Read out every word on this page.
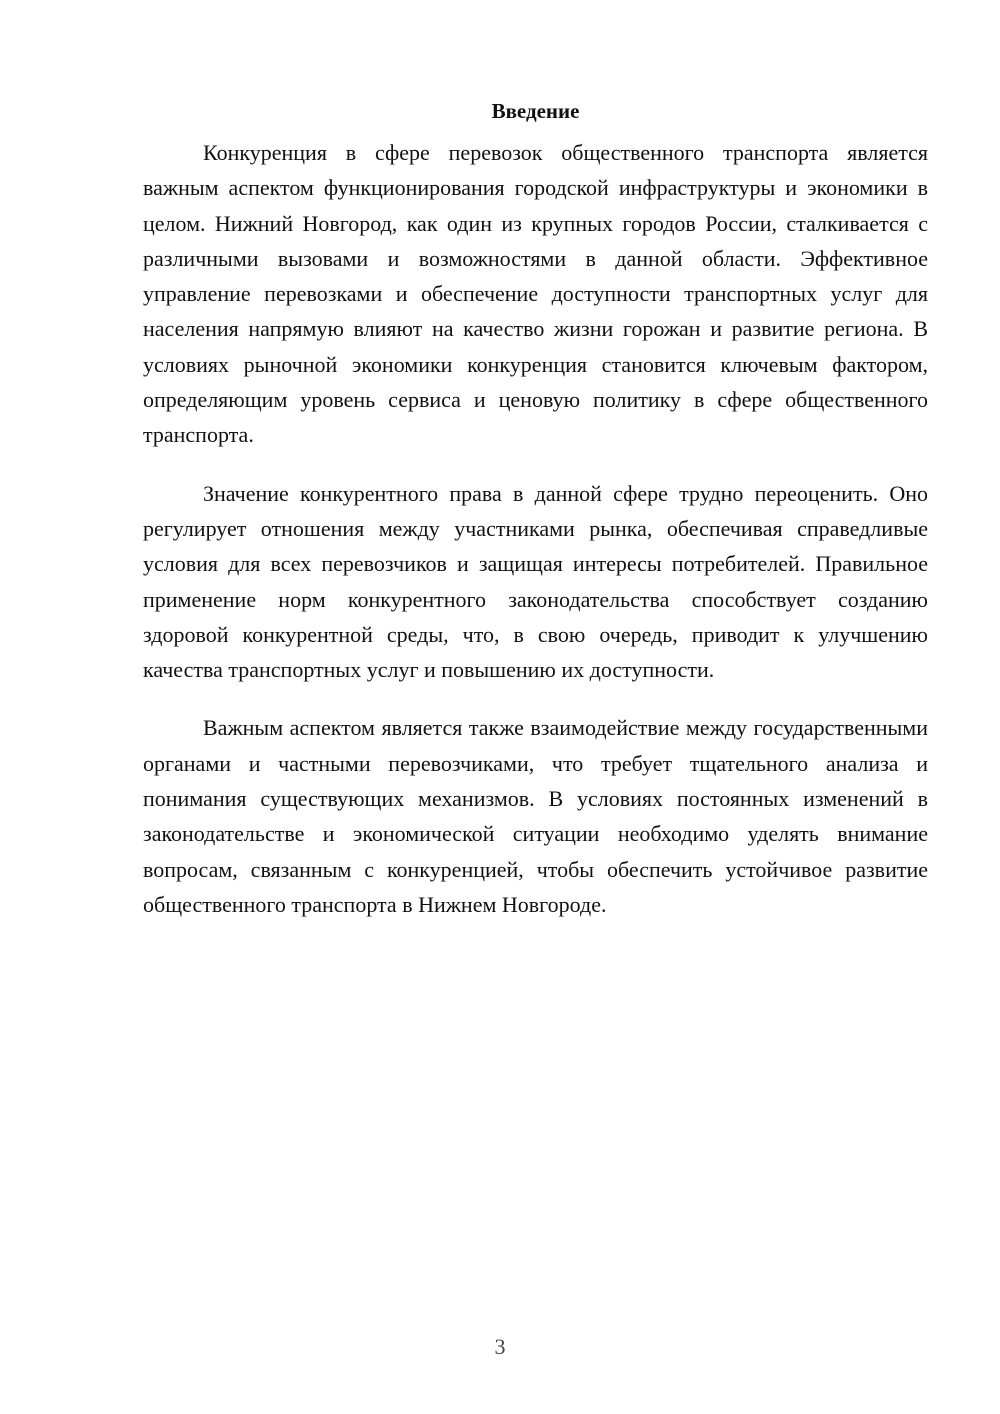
Введение

Конкуренция в сфере перевозок общественного транспорта является важным аспектом функционирования городской инфраструктуры и экономики в целом. Нижний Новгород, как один из крупных городов России, сталкивается с различными вызовами и возможностями в данной области. Эффективное управление перевозками и обеспечение доступности транспортных услуг для населения напрямую влияют на качество жизни горожан и развитие региона. В условиях рыночной экономики конкуренция становится ключевым фактором, определяющим уровень сервиса и ценовую политику в сфере общественного транспорта.

Значение конкурентного права в данной сфере трудно переоценить. Оно регулирует отношения между участниками рынка, обеспечивая справедливые условия для всех перевозчиков и защищая интересы потребителей. Правильное применение норм конкурентного законодательства способствует созданию здоровой конкурентной среды, что, в свою очередь, приводит к улучшению качества транспортных услуг и повышению их доступности.

Важным аспектом является также взаимодействие между государственными органами и частными перевозчиками, что требует тщательного анализа и понимания существующих механизмов. В условиях постоянных изменений в законодательстве и экономической ситуации необходимо уделять внимание вопросам, связанным с конкуренцией, чтобы обеспечить устойчивое развитие общественного транспорта в Нижнем Новгороде.

3
